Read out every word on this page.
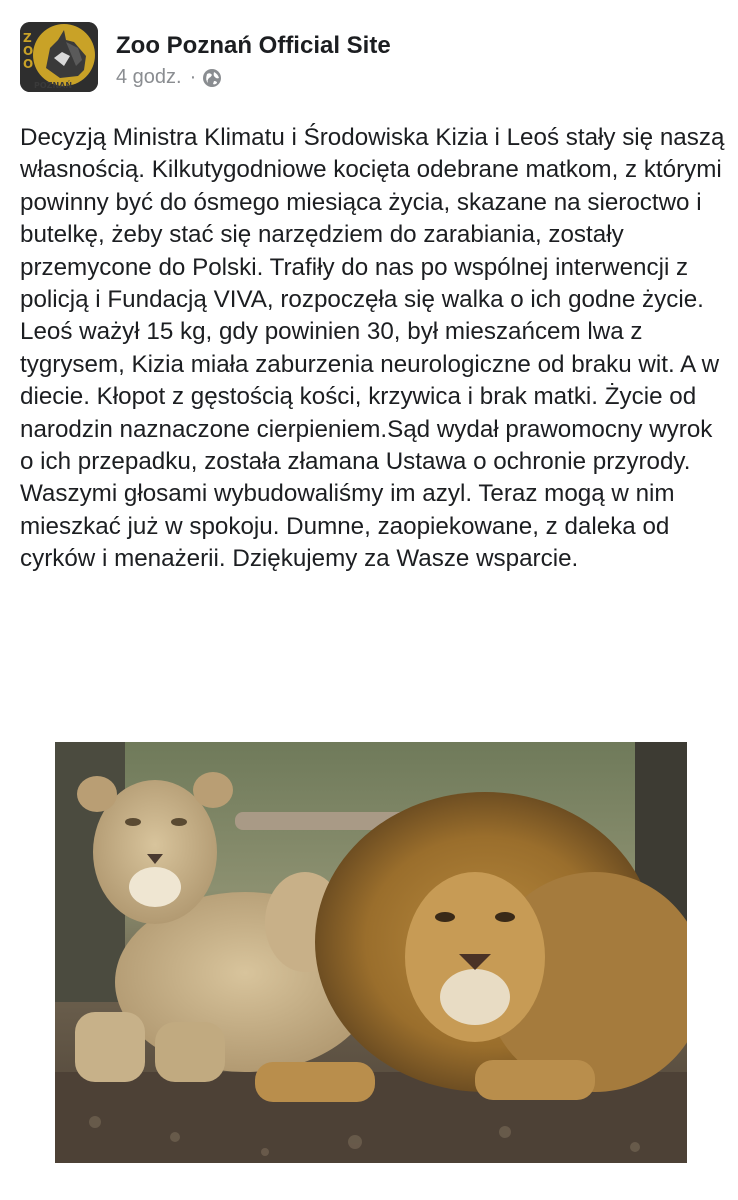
Z
O
O
POZNAŃ
Zoo Poznań Official Site
4 godz. ·
Decyzją Ministra Klimatu i Środowiska Kizia i Leoś stały się naszą własnością. Kilkutygodniowe kocięta odebrane matkom, z którymi powinny być do ósmego miesiąca życia, skazane na sieroctwo i butelkę, żeby stać się narzędziem do zarabiania, zostały przemycone do Polski. Trafiły do nas po wspólnej interwencji z policją i Fundacją VIVA, rozpoczęła się walka o ich godne życie. Leoś ważył 15 kg, gdy powinien 30, był mieszańcem lwa z tygrysem, Kizia miała zaburzenia neurologiczne od braku wit. A w diecie. Kłopot z gęstością kości, krzywica i brak matki. Życie od narodzin naznaczone cierpieniem.Sąd wydał prawomocny wyrok o ich przepadku, została złamana Ustawa o ochronie przyrody. Waszymi głosami wybudowaliśmy im azyl. Teraz mogą w nim mieszkać już w spokoju. Dumne, zaopiekowane, z daleka od cyrków i menażerii. Dziękujemy za Wasze wsparcie.
